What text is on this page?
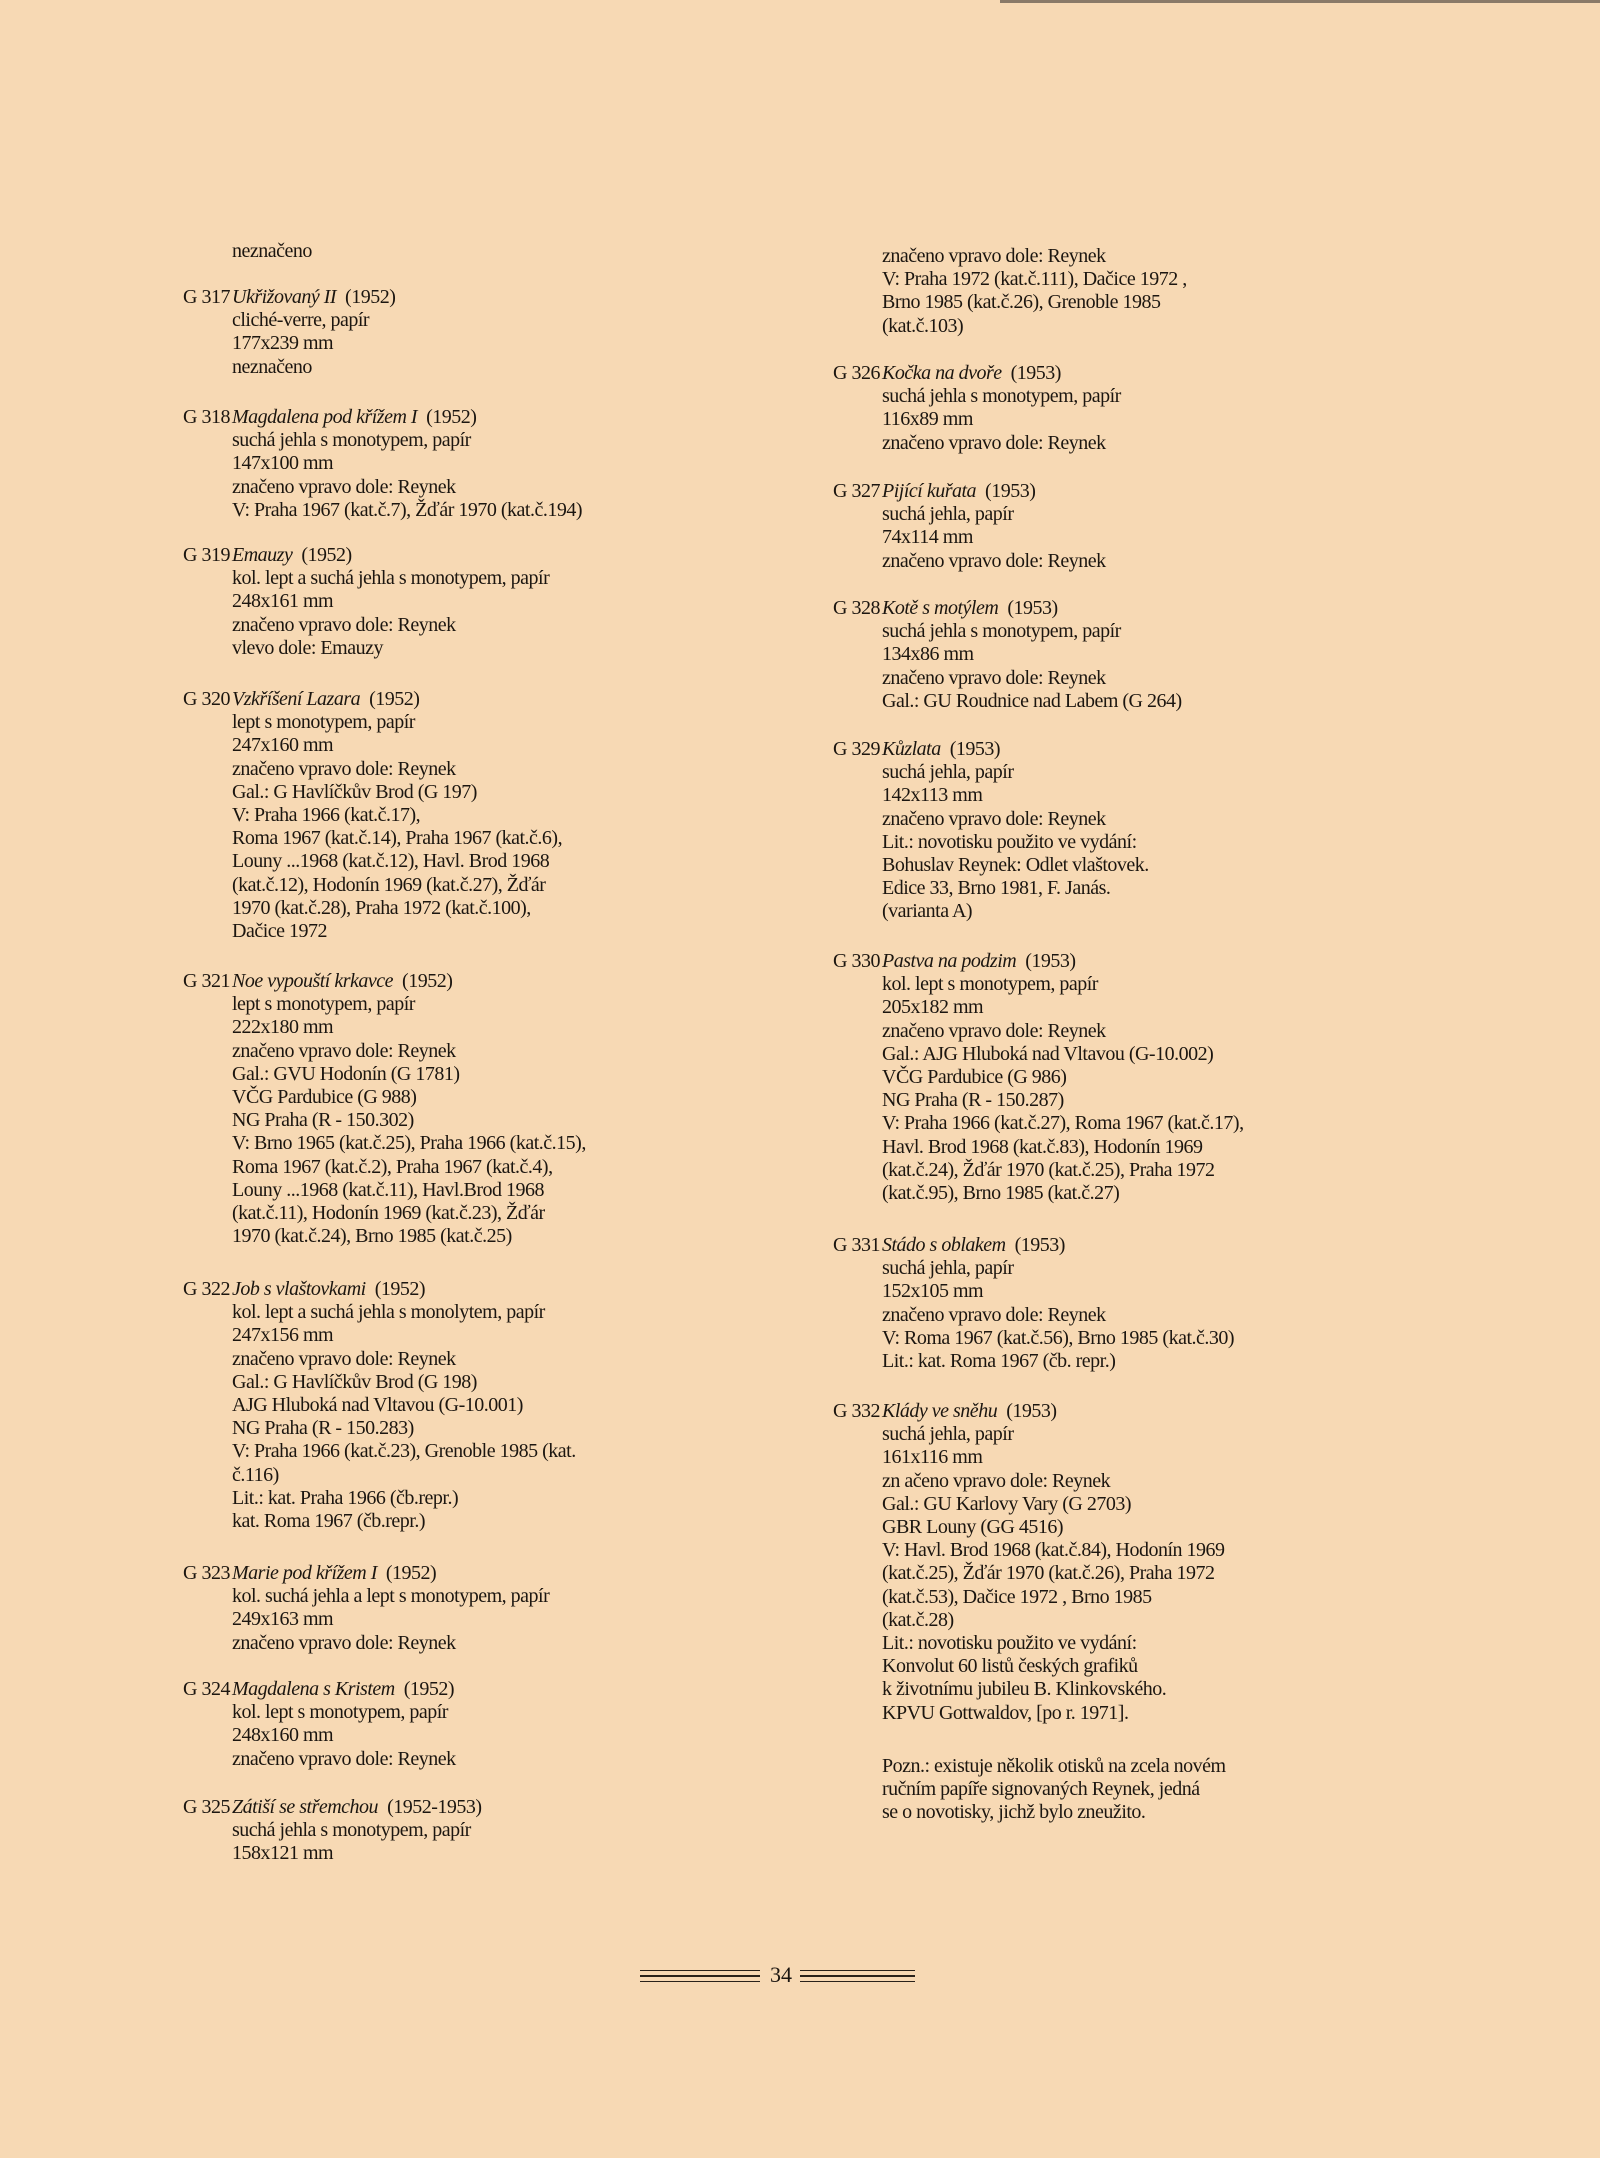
neznačeno
G 317 Ukřižovaný II (1952)
cliché-verre, papír
177x239 mm
neznačeno
G 318 Magdalena pod křížem I (1952)
suchá jehla s monotypem, papír
147x100 mm
značeno vpravo dole: Reynek
V: Praha 1967 (kat.č.7), Žďár 1970 (kat.č.194)
G 319 Emauzy (1952)
kol. lept a suchá jehla s monotypem, papír
248x161 mm
značeno vpravo dole: Reynek
vlevo dole: Emauzy
G 320 Vzkříšení Lazara (1952)
lept s monotypem, papír
247x160 mm
značeno vpravo dole: Reynek
Gal.: G Havlíčkův Brod (G 197)
V: Praha 1966 (kat.č.17),
Roma 1967 (kat.č.14), Praha 1967 (kat.č.6),
Louny ...1968 (kat.č.12), Havl. Brod 1968
(kat.č.12), Hodonín 1969 (kat.č.27), Žďár
1970 (kat.č.28), Praha 1972 (kat.č.100),
Dačice 1972
G 321 Noe vypouští krkavce (1952)
lept s monotypem, papír
222x180 mm
značeno vpravo dole: Reynek
Gal.: GVU Hodonín (G 1781)
VČG Pardubice (G 988)
NG Praha (R - 150.302)
V: Brno 1965 (kat.č.25), Praha 1966 (kat.č.15),
Roma 1967 (kat.č.2), Praha 1967 (kat.č.4),
Louny ...1968 (kat.č.11), Havl.Brod 1968
(kat.č.11), Hodonín 1969 (kat.č.23), Žďár
1970 (kat.č.24), Brno 1985 (kat.č.25)
G 322 Job s vlaštovkami (1952)
kol. lept a suchá jehla s monolytem, papír
247x156 mm
značeno vpravo dole: Reynek
Gal.: G Havlíčkův Brod (G 198)
AJG Hluboká nad Vltavou (G-10.001)
NG Praha (R - 150.283)
V: Praha 1966 (kat.č.23), Grenoble 1985 (kat.
č.116)
Lit.: kat. Praha 1966 (čb.repr.)
kat. Roma 1967 (čb.repr.)
G 323 Marie pod křížem I (1952)
kol. suchá jehla a lept s monotypem, papír
249x163 mm
značeno vpravo dole: Reynek
G 324 Magdalena s Kristem (1952)
kol. lept s monotypem, papír
248x160 mm
značeno vpravo dole: Reynek
G 325 Zátiší se střemchou (1952-1953)
suchá jehla s monotypem, papír
158x121 mm
značeno vpravo dole: Reynek
V: Praha 1972 (kat.č.111), Dačice 1972 ,
Brno 1985 (kat.č.26), Grenoble 1985
(kat.č.103)
G 326 Kočka na dvoře (1953)
suchá jehla s monotypem, papír
116x89 mm
značeno vpravo dole: Reynek
G 327 Pijící kuřata (1953)
suchá jehla, papír
74x114 mm
značeno vpravo dole: Reynek
G 328 Kotě s motýlem (1953)
suchá jehla s monotypem, papír
134x86 mm
značeno vpravo dole: Reynek
Gal.: GU Roudnice nad Labem (G 264)
G 329 Kůzlata (1953)
suchá jehla, papír
142x113 mm
značeno vpravo dole: Reynek
Lit.: novotisku použito ve vydání:
Bohuslav Reynek: Odlet vlaštovek.
Edice 33, Brno 1981, F. Janás.
(varianta A)
G 330 Pastva na podzim (1953)
kol. lept s monotypem, papír
205x182 mm
značeno vpravo dole: Reynek
Gal.: AJG Hluboká nad Vltavou (G-10.002)
VČG Pardubice (G 986)
NG Praha (R - 150.287)
V: Praha 1966 (kat.č.27), Roma 1967 (kat.č.17),
Havl. Brod 1968 (kat.č.83), Hodonín 1969
(kat.č.24), Žďár 1970 (kat.č.25), Praha 1972
(kat.č.95), Brno 1985 (kat.č.27)
G 331 Stádo s oblakem (1953)
suchá jehla, papír
152x105 mm
značeno vpravo dole: Reynek
V: Roma 1967 (kat.č.56), Brno 1985 (kat.č.30)
Lit.: kat. Roma 1967 (čb. repr.)
G 332 Klády ve sněhu (1953)
suchá jehla, papír
161x116 mm
zn ačeno vpravo dole: Reynek
Gal.: GU Karlovy Vary (G 2703)
GBR Louny (GG 4516)
V: Havl. Brod 1968 (kat.č.84), Hodonín 1969
(kat.č.25), Žďár 1970 (kat.č.26), Praha 1972
(kat.č.53), Dačice 1972 , Brno 1985
(kat.č.28)
Lit.: novotisku použito ve vydání:
Konvolut 60 listů českých grafiků
k životnímu jubileu B. Klinkovského.
KPVU Gottwaldov, [po r. 1971].
Pozn.: existuje několik otisků na zcela novém
ručním papíře signovaných Reynek, jedná
se o novotisky, jichž bylo zneužito.
34
